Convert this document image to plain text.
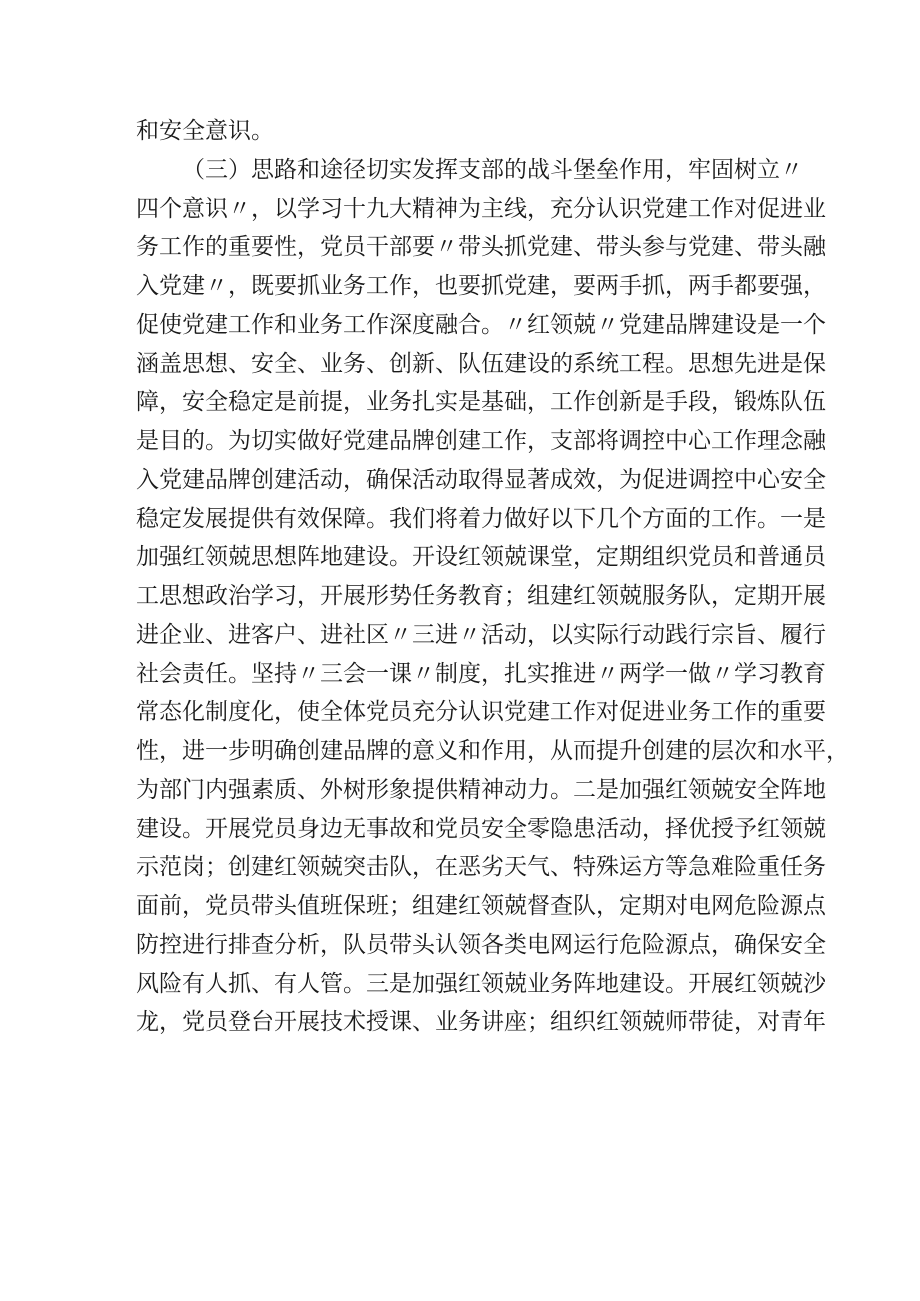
和安全意识。
（三）思路和途径切实发挥支部的战斗堡垒作用，牢固树立〃
四个意识〃，以学习十九大精神为主线，充分认识党建工作对促进业
务工作的重要性，党员干部要〃带头抓党建、带头参与党建、带头融
入党建〃，既要抓业务工作，也要抓党建，要两手抓，两手都要强，
促使党建工作和业务工作深度融合。〃红领兢〃党建品牌建设是一个
涵盖思想、安全、业务、创新、队伍建设的系统工程。思想先进是保
障，安全稳定是前提，业务扎实是基础，工作创新是手段，锻炼队伍
是目的。为切实做好党建品牌创建工作，支部将调控中心工作理念融
入党建品牌创建活动，确保活动取得显著成效，为促进调控中心安全
稳定发展提供有效保障。我们将着力做好以下几个方面的工作。一是
加强红领兢思想阵地建设。开设红领兢课堂，定期组织党员和普通员
工思想政治学习，开展形势任务教育；组建红领兢服务队，定期开展
进企业、进客户、进社区〃三进〃活动，以实际行动践行宗旨、履行
社会责任。坚持〃三会一课〃制度，扎实推进〃两学一做〃学习教育
常态化制度化，使全体党员充分认识党建工作对促进业务工作的重要
性，进一步明确创建品牌的意义和作用，从而提升创建的层次和水平，
为部门内强素质、外树形象提供精神动力。二是加强红领兢安全阵地
建设。开展党员身边无事故和党员安全零隐患活动，择优授予红领兢
示范岗；创建红领兢突击队，在恶劣天气、特殊运方等急难险重任务
面前，党员带头值班保班；组建红领兢督查队，定期对电网危险源点
防控进行排查分析，队员带头认领各类电网运行危险源点，确保安全
风险有人抓、有人管。三是加强红领兢业务阵地建设。开展红领兢沙
龙，党员登台开展技术授课、业务讲座；组织红领兢师带徒，对青年
